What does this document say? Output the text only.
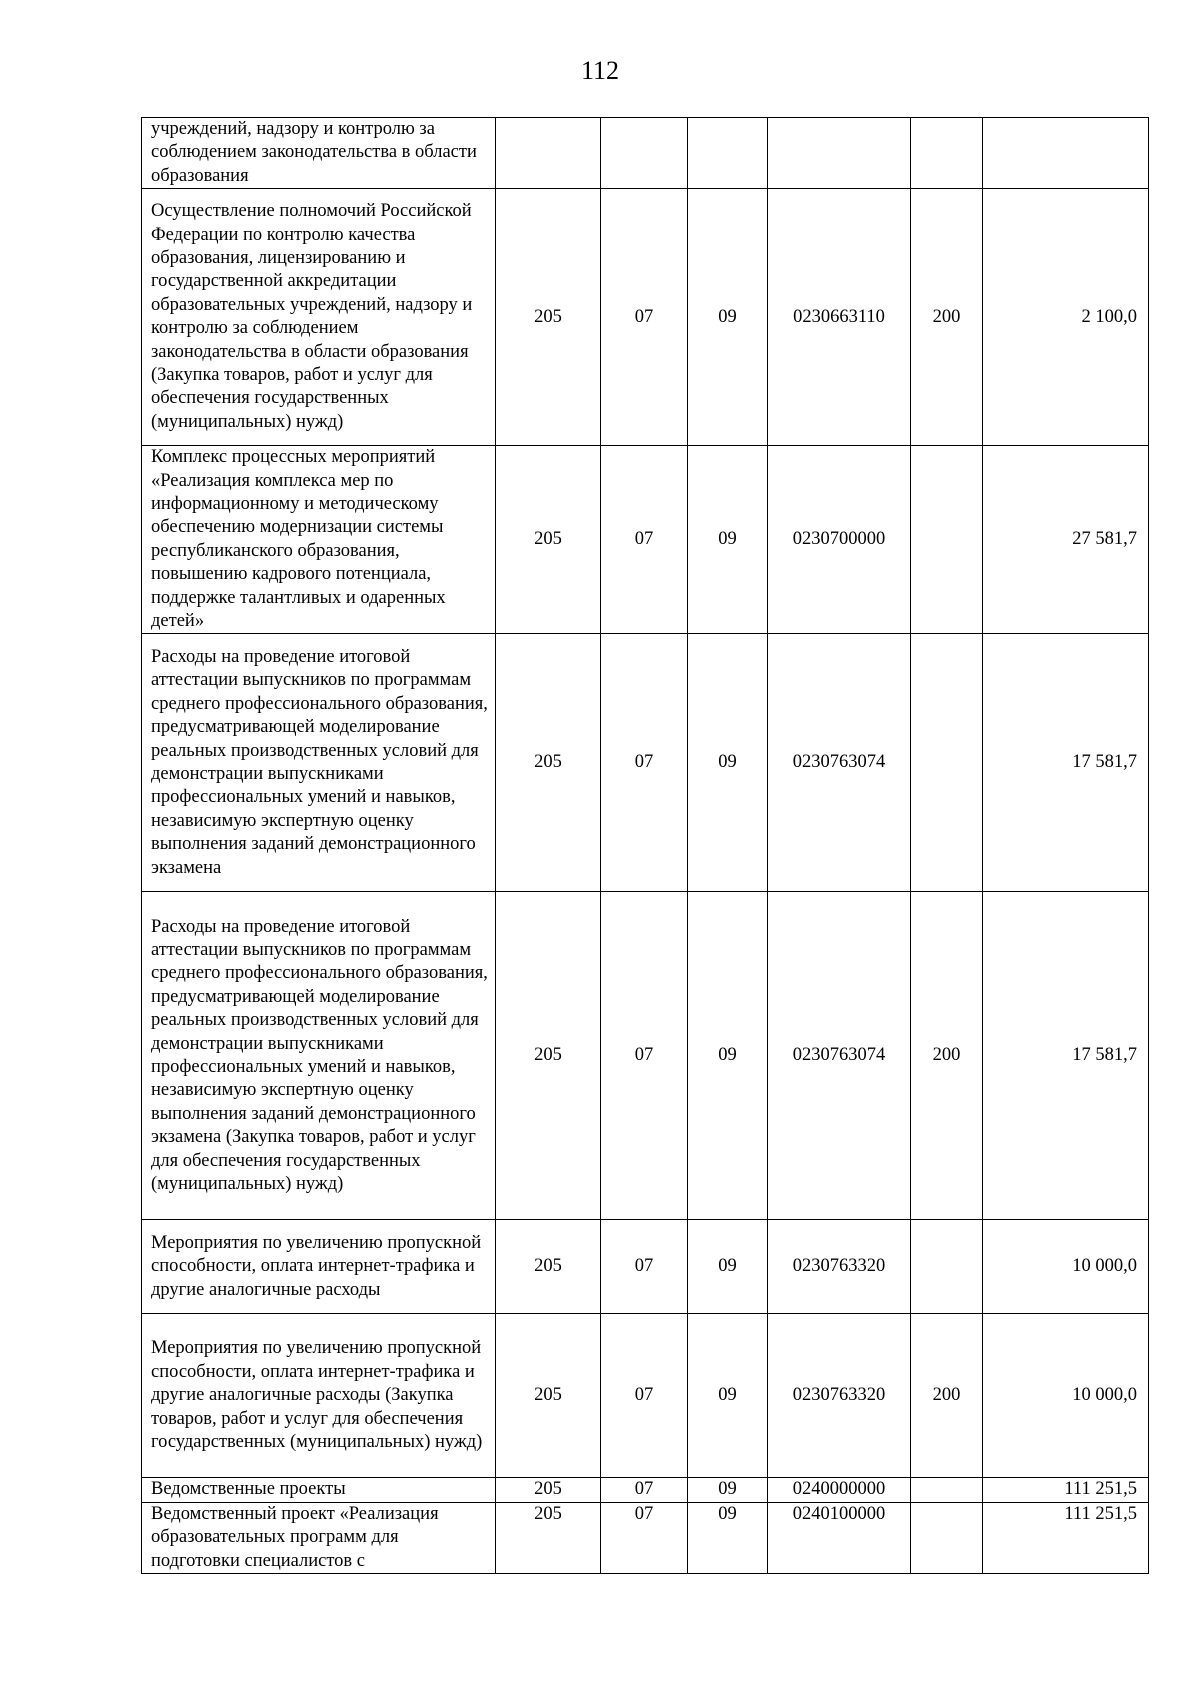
112
учреждений, надзору и контролю за соблюдением законодательства в области образования						
Осуществление полномочий Российской Федерации по контролю качества образования, лицензированию и государственной аккредитации образовательных учреждений, надзору и контролю за соблюдением законодательства в области образования (Закупка товаров, работ и услуг для обеспечения государственных (муниципальных) нужд)	205	07	09	0230663110	200	2 100,0
Комплекс процессных мероприятий «Реализация комплекса мер по информационному и методическому обеспечению модернизации системы республиканского образования, повышению кадрового потенциала, поддержке талантливых и одаренных детей»	205	07	09	0230700000		27 581,7
Расходы на проведение итоговой аттестации выпускников по программам среднего профессионального образования, предусматривающей моделирование реальных производственных условий для демонстрации выпускниками профессиональных умений и навыков, независимую экспертную оценку выполнения заданий демонстрационного экзамена	205	07	09	0230763074		17 581,7
Расходы на проведение итоговой аттестации выпускников по программам среднего профессионального образования, предусматривающей моделирование реальных производственных условий для демонстрации выпускниками профессиональных умений и навыков, независимую экспертную оценку выполнения заданий демонстрационного экзамена (Закупка товаров, работ и услуг для обеспечения государственных (муниципальных) нужд)	205	07	09	0230763074	200	17 581,7
Мероприятия по увеличению пропускной способности, оплата интернет-трафика и другие аналогичные расходы	205	07	09	0230763320		10 000,0
Мероприятия по увеличению пропускной способности, оплата интернет-трафика и другие аналогичные расходы (Закупка товаров, работ и услуг для обеспечения государственных (муниципальных) нужд)	205	07	09	0230763320	200	10 000,0
Ведомственные проекты	205	07	09	0240000000		111 251,5
Ведомственный проект «Реализация образовательных программ для подготовки специалистов с	205	07	09	0240100000		111 251,5
